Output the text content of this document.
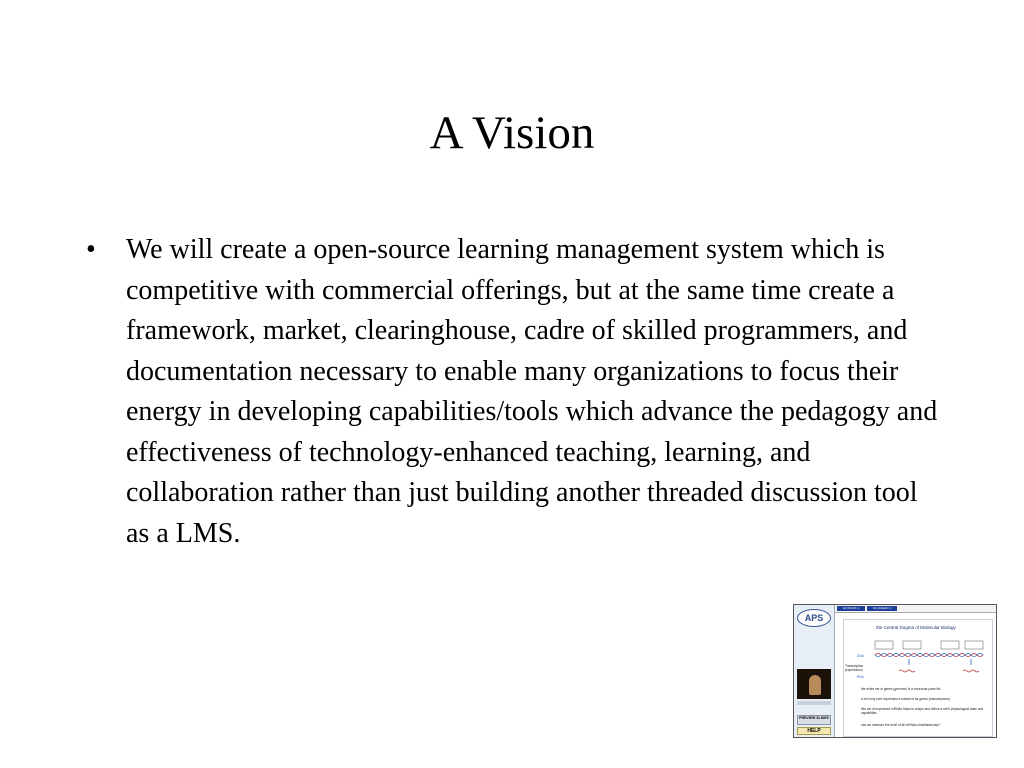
A Vision
•	We will create a open-source learning management system which is competitive with commercial offerings, but at the same time create a framework, market, clearinghouse, cadre of skilled programmers, and documentation necessary to enable many organizations to focus their energy in developing capabilities/tools which advance the pedagogy and effectiveness of technology-enhanced teaching, learning, and collaboration rather than just building another threaded discussion tool as a LMS.
APS
PREVIEW SLIDES
HELP
GO BACK 1	GO AHEAD 1
the Central Dogma of Molecular Biology
DNA
Transcription (expression)
RNA
the entire set of genes (genome) is a molecular parts list
a cell only ever expresses a subset of its genes (transcriptome)
this set of expressed mRNAs helps to shape and define a cell's physiological state and capabilities
can we measure the level of all mRNAs simultaneously?
